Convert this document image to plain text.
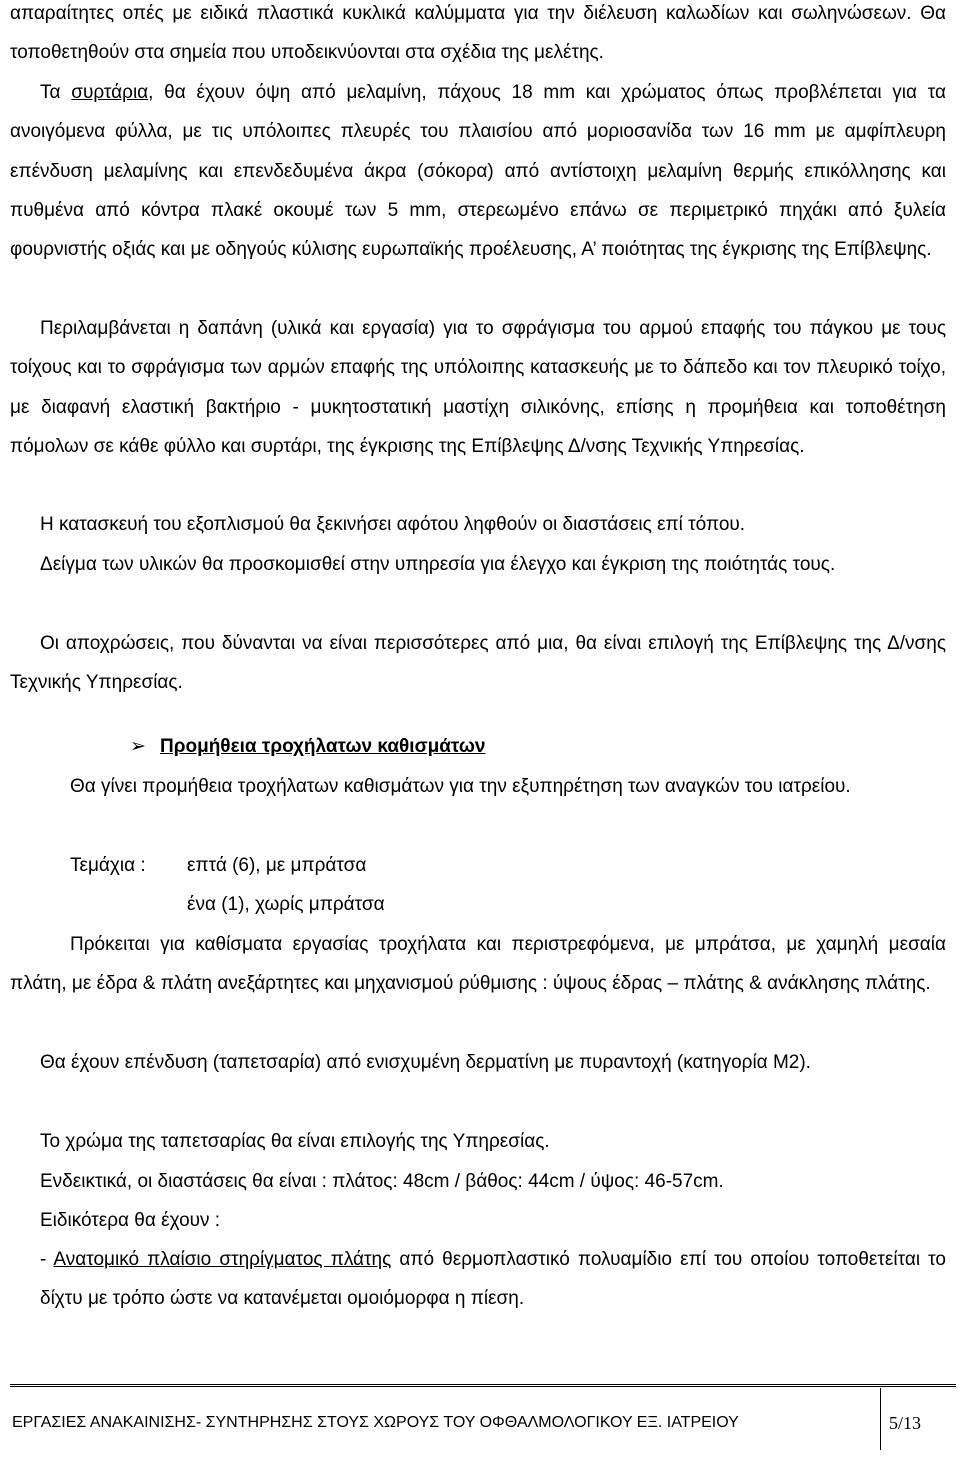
απαραίτητες οπές με ειδικά πλαστικά κυκλικά καλύμματα για την διέλευση καλωδίων και σωληνώσεων. Θα τοποθετηθούν στα σημεία που υποδεικνύονται στα σχέδια της μελέτης.

Τα συρτάρια, θα έχουν όψη από μελαμίνη, πάχους 18 mm και χρώματος όπως προβλέπεται για τα ανοιγόμενα φύλλα, με τις υπόλοιπες πλευρές του πλαισίου από μοριοσανίδα των 16 mm με αμφίπλευρη επένδυση μελαμίνης και επενδεδυμένα άκρα (σόκορα) από αντίστοιχη μελαμίνη θερμής επικόλλησης και πυθμένα από κόντρα πλακέ οκουμέ των 5 mm, στερεωμένο επάνω σε περιμετρικό πηχάκι από ξυλεία φουρνιστής οξιάς και με οδηγούς κύλισης ευρωπαϊκής προέλευσης, Α’ ποιότητας της έγκρισης της Επίβλεψης.

Περιλαμβάνεται η δαπάνη (υλικά και εργασία) για το σφράγισμα του αρμού επαφής του πάγκου με τους τοίχους και το σφράγισμα των αρμών επαφής της υπόλοιπης κατασκευής με το δάπεδο και τον πλευρικό τοίχο, με διαφανή ελαστική βακτήριο - μυκητοστατική μαστίχη σιλικόνης, επίσης η προμήθεια και τοποθέτηση πόμολων σε κάθε φύλλο και συρτάρι, της έγκρισης της Επίβλεψης Δ/νσης Τεχνικής Υπηρεσίας.

Η κατασκευή του εξοπλισμού θα ξεκινήσει αφότου ληφθούν οι διαστάσεις επί τόπου.

Δείγμα των υλικών θα προσκομισθεί στην υπηρεσία για έλεγχο και έγκριση της ποιότητάς τους.

Οι αποχρώσεις, που δύνανται να είναι περισσότερες από μια, θα είναι επιλογή της Επίβλεψης της Δ/νσης Τεχνικής Υπηρεσίας.

➢ Προμήθεια τροχήλατων καθισμάτων

Θα γίνει προμήθεια τροχήλατων καθισμάτων για την εξυπηρέτηση των αναγκών του ιατρείου.

Τεμάχια : επτά (6), με μπράτσα

ένα (1), χωρίς μπράτσα

Πρόκειται για καθίσματα εργασίας τροχήλατα και περιστρεφόμενα, με μπράτσα, με χαμηλή μεσαία πλάτη, με έδρα & πλάτη ανεξάρτητες και μηχανισμού ρύθμισης : ύψους έδρας – πλάτης & ανάκλησης πλάτης.

Θα έχουν επένδυση (ταπετσαρία) από ενισχυμένη δερματίνη με πυραντοχή (κατηγορία M2).

Το χρώμα της ταπετσαρίας θα είναι επιλογής της Υπηρεσίας.

Ενδεικτικά, οι διαστάσεις θα είναι : πλάτος: 48cm / βάθος: 44cm / ύψος: 46-57cm.

Ειδικότερα θα έχουν :

- Ανατομικό πλαίσιο στηρίγματος πλάτης από θερμοπλαστικό πολυαμίδιο επί του οποίου τοποθετείται το δίχτυ με τρόπο ώστε να κατανέμεται ομοιόμορφα η πίεση.

ΕΡΓΑΣΙΕΣ ΑΝΑΚΑΙΝΙΣΗΣ- ΣΥΝΤΗΡΗΣΗΣ ΣΤΟΥΣ ΧΩΡΟΥΣ ΤΟΥ ΟΦΘΑΛΜΟΛΟΓΙΚΟΥ ΕΞ. ΙΑΤΡΕΙΟΥ	5/13
